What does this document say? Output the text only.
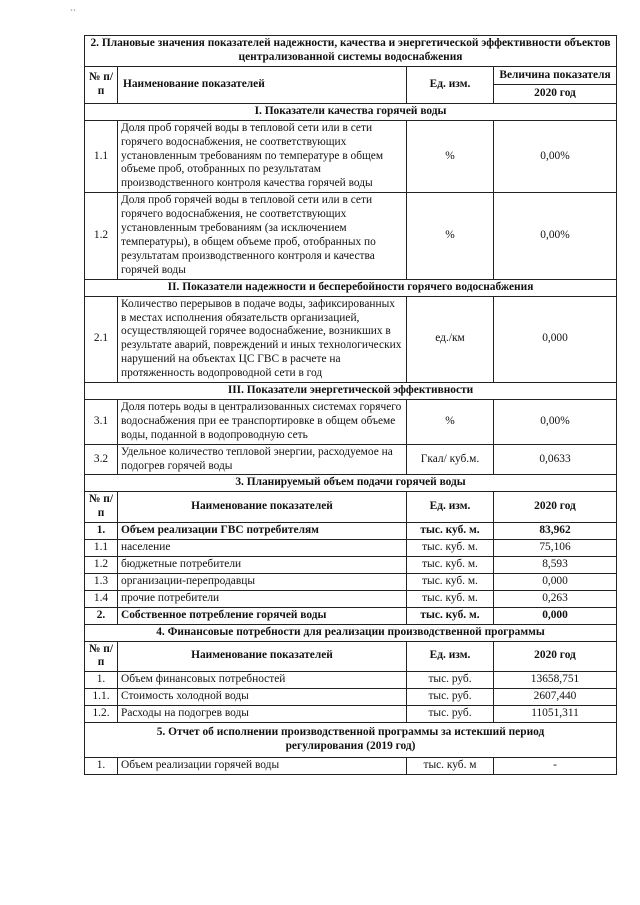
``
2. Плановые значения показателей надежности, качества и энергетической эффективности объектов централизованной системы водоснабжения			
№ п/п	Наименование показателей	Ед. изм.	Величина показателя
			2020 год
I. Показатели качества горячей воды			
1.1	Доля проб горячей воды в тепловой сети или в сети горячего водоснабжения, не соответствующих установленным требованиям по температуре в общем объеме проб, отобранных по результатам производственного контроля качества горячей воды	%	0,00%
1.2	Доля проб горячей воды в тепловой сети или в сети горячего водоснабжения, не соответствующих установленным требованиям (за исключением температуры), в общем объеме проб, отобранных по результатам производственного контроля и качества горячей воды	%	0,00%
II. Показатели надежности и бесперебойности горячего водоснабжения			
2.1	Количество перерывов в подаче воды, зафиксированных в местах исполнения обязательств организацией, осуществляющей горячее водоснабжение, возникших в результате аварий, повреждений и иных технологических нарушений на объектах ЦС ГВС в расчете на протяженность водопроводной сети в год	ед./км	0,000
III. Показатели энергетической эффективности			
3.1	Доля потерь воды в централизованных системах горячего водоснабжения при ее транспортировке в общем объеме воды, поданной в водопроводную сеть	%	0,00%
3.2	Удельное количество тепловой энергии, расходуемое на подогрев горячей воды	Гкал/ куб.м.	0,0633
3. Планируемый объем подачи горячей воды			
№ п/п	Наименование показателей	Ед. изм.	2020 год
1.	Объем реализации ГВС потребителям	тыс. куб. м.	83,962
1.1	население	тыс. куб. м.	75,106
1.2	бюджетные потребители	тыс. куб. м.	8,593
1.3	организации-перепродавцы	тыс. куб. м.	0,000
1.4	прочие потребители	тыс. куб. м.	0,263
2.	Собственное потребление горячей воды	тыс. куб. м.	0,000
4. Финансовые потребности для реализации производственной программы			
№ п/п	Наименование показателей	Ед. изм.	2020 год
1.	Объем финансовых потребностей	тыс. руб.	13658,751
1.1.	Стоимость холодной воды	тыс. руб.	2607,440
1.2.	Расходы на подогрев воды	тыс. руб.	11051,311
5. Отчет об исполнении производственной программы за истекший период регулирования (2019 год)			
1.	Объем реализации горячей воды	тыс. куб. м	-
